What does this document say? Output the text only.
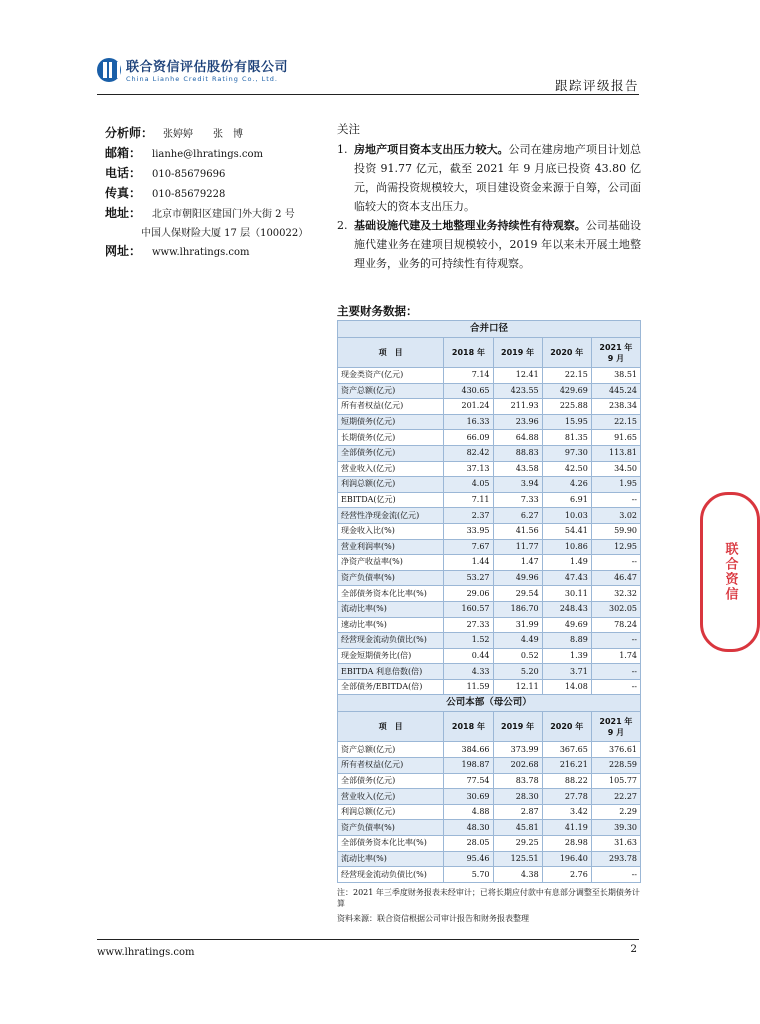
联合资信评估股份有限公司
China Lianhe Credit Rating Co., Ltd.	跟踪评级报告
分析师： 张婷婷　　张　博
邮箱：	lianhe@lhratings.com
电话：	010-85679696
传真：	010-85679228
地址：	北京市朝阳区建国门外大街 2 号
中国人保财险大厦 17 层（100022）
网址：	www.lhratings.com
关注
1. 房地产项目资本支出压力较大。公司在建房地产项目计划总投资 91.77 亿元，截至 2021 年 9 月底已投资 43.80 亿元，尚需投资规模较大，项目建设资金来源于自筹，公司面临较大的资本支出压力。
2. 基础设施代建及土地整理业务持续性有待观察。公司基础设施代建业务在建项目规模较小，2019 年以来未开展土地整理业务，业务的可持续性有待观察。
主要财务数据：
合并口径				
项　目	2018 年	2019 年	2020 年	2021 年
9 月
现金类资产(亿元)	7.14	12.41	22.15	38.51
资产总额(亿元)	430.65	423.55	429.69	445.24
所有者权益(亿元)	201.24	211.93	225.88	238.34
短期债务(亿元)	16.33	23.96	15.95	22.15
长期债务(亿元)	66.09	64.88	81.35	91.65
全部债务(亿元)	82.42	88.83	97.30	113.81
营业收入(亿元)	37.13	43.58	42.50	34.50
利润总额(亿元)	4.05	3.94	4.26	1.95
EBITDA(亿元)	7.11	7.33	6.91	--
经营性净现金流(亿元)	2.37	6.27	10.03	3.02
现金收入比(%)	33.95	41.56	54.41	59.90
营业利润率(%)	7.67	11.77	10.86	12.95
净资产收益率(%)	1.44	1.47	1.49	--
资产负债率(%)	53.27	49.96	47.43	46.47
全部债务资本化比率(%)	29.06	29.54	30.11	32.32
流动比率(%)	160.57	186.70	248.43	302.05
速动比率(%)	27.33	31.99	49.69	78.24
经营现金流动负债比(%)	1.52	4.49	8.89	--
现金短期债务比(倍)	0.44	0.52	1.39	1.74
EBITDA 利息倍数(倍)	4.33	5.20	3.71	--
全部债务/EBITDA(倍)	11.59	12.11	14.08	--
公司本部（母公司）				
项　目	2018 年	2019 年	2020 年	2021 年
9 月
资产总额(亿元)	384.66	373.99	367.65	376.61
所有者权益(亿元)	198.87	202.68	216.21	228.59
全部债务(亿元)	77.54	83.78	88.22	105.77
营业收入(亿元)	30.69	28.30	27.78	22.27
利润总额(亿元)	4.88	2.87	3.42	2.29
资产负债率(%)	48.30	45.81	41.19	39.30
全部债务资本化比率(%)	28.05	29.25	28.98	31.63
流动比率(%)	95.46	125.51	196.40	293.78
经营现金流动负债比(%)	5.70	4.38	2.76	--

注：2021 年三季度财务报表未经审计；已将长期应付款中有息部分调整至长期债务计算

资料来源：联合资信根据公司审计报告和财务报表整理

联合资信
www.lhratings.com	2
